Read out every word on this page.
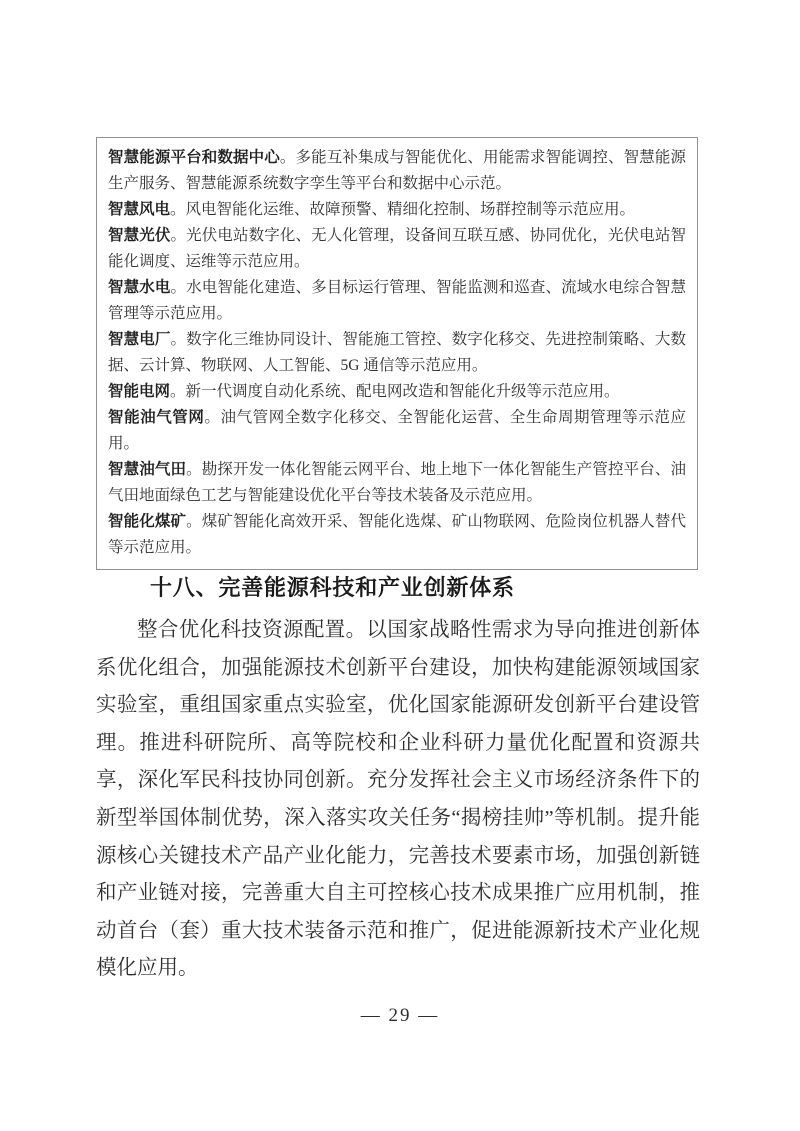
智慧能源平台和数据中心。多能互补集成与智能优化、用能需求智能调控、智慧能源生产服务、智慧能源系统数字孪生等平台和数据中心示范。

智慧风电。风电智能化运维、故障预警、精细化控制、场群控制等示范应用。

智慧光伏。光伏电站数字化、无人化管理，设备间互联互感、协同优化，光伏电站智能化调度、运维等示范应用。

智慧水电。水电智能化建造、多目标运行管理、智能监测和巡查、流域水电综合智慧管理等示范应用。

智慧电厂。数字化三维协同设计、智能施工管控、数字化移交、先进控制策略、大数据、云计算、物联网、人工智能、5G 通信等示范应用。

智能电网。新一代调度自动化系统、配电网改造和智能化升级等示范应用。

智能油气管网。油气管网全数字化移交、全智能化运营、全生命周期管理等示范应用。

智慧油气田。勘探开发一体化智能云网平台、地上地下一体化智能生产管控平台、油气田地面绿色工艺与智能建设优化平台等技术装备及示范应用。

智能化煤矿。煤矿智能化高效开采、智能化选煤、矿山物联网、危险岗位机器人替代等示范应用。

十八、完善能源科技和产业创新体系

整合优化科技资源配置。以国家战略性需求为导向推进创新体系优化组合，加强能源技术创新平台建设，加快构建能源领域国家实验室，重组国家重点实验室，优化国家能源研发创新平台建设管理。推进科研院所、高等院校和企业科研力量优化配置和资源共享，深化军民科技协同创新。充分发挥社会主义市场经济条件下的新型举国体制优势，深入落实攻关任务“揭榜挂帅”等机制。提升能源核心关键技术产品产业化能力，完善技术要素市场，加强创新链和产业链对接，完善重大自主可控核心技术成果推广应用机制，推动首台（套）重大技术装备示范和推广，促进能源新技术产业化规模化应用。

— 29 —
